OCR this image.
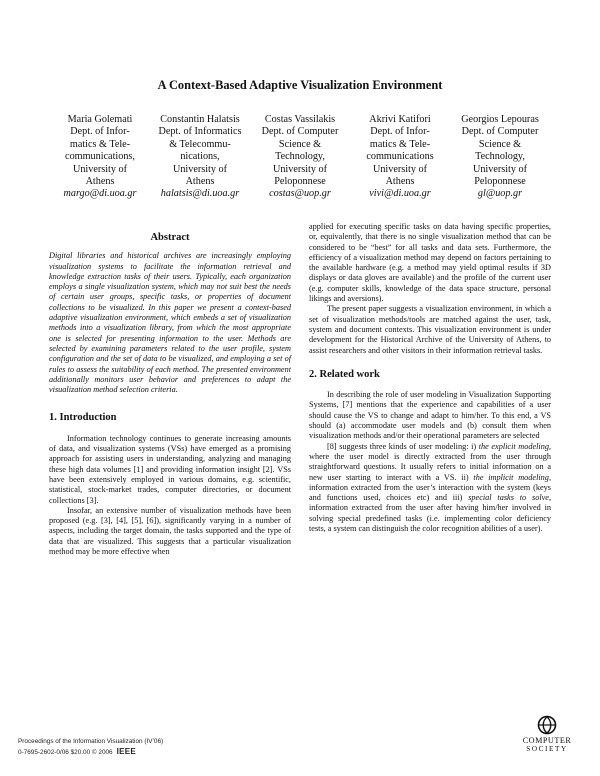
A Context-Based Adaptive Visualization Environment
Maria Golemati
Dept. of Infor-
matics & Tele-
communications,
University of
Athens
margo@di.uoa.gr
Constantin Halatsis
Dept. of Informatics
& Telecommu-
nications,
University of
Athens
halatsis@di.uoa.gr
Costas Vassilakis
Dept. of Computer
Science &
Technology,
University of
Peloponnese
costas@uop.gr
Akrivi Katifori
Dept. of Infor-
matics & Tele-
communications
University of
Athens
vivi@di.uoa.gr
Georgios Lepouras
Dept. of Computer
Science &
Technology,
University of
Peloponnese
gl@uop.gr
Abstract

Digital libraries and historical archives are increasingly employing visualization systems to facilitate the information retrieval and knowledge extraction tasks of their users. Typically, each organization employs a single visualization system, which may not suit best the needs of certain user groups, specific tasks, or properties of document collections to be visualized. In this paper we present a context-based adaptive visualization environment, which embeds a set of visualization methods into a visualization library, from which the most appropriate one is selected for presenting information to the user. Methods are selected by examining parameters related to the user profile, system configuration and the set of data to be visualized, and employing a set of rules to assess the suitability of each method. The presented environment additionally monitors user behavior and preferences to adapt the visualization method selection criteria.

1. Introduction

Information technology continues to generate increasing amounts of data, and visualization systems (VSs) have emerged as a promising approach for assisting users in understanding, analyzing and managing these high data volumes [1] and providing information insight [2]. VSs have been extensively employed in various domains, e.g. scientific, statistical, stock-market trades, computer directories, or document collections [3].

Insofar, an extensive number of visualization methods have been proposed (e.g. [3], [4], [5], [6]), significantly varying in a number of aspects, including the target domain, the tasks supported and the type of data that are visualized. This suggests that a particular visualization method may be more effective when

applied for executing specific tasks on data having specific properties, or, equivalently, that there is no single visualization method that can be considered to be “best” for all tasks and data sets. Furthermore, the efficiency of a visualization method may depend on factors pertaining to the available hardware (e.g. a method may yield optimal results if 3D displays or data gloves are available) and the profile of the current user (e.g. computer skills, knowledge of the data space structure, personal likings and aversions).

The present paper suggests a visualization environment, in which a set of visualization methods/tools are matched against the user, task, system and document contexts. This visualization environment is under development for the Historical Archive of the University of Athens, to assist researchers and other visitors in their information retrieval tasks.

2. Related work

In describing the role of user modeling in Visualization Supporting Systems, [7] mentions that the experience and capabilities of a user should cause the VS to change and adapt to him/her. To this end, a VS should (a) accommodate user models and (b) consult them when visualization methods and/or their operational parameters are selected

[8] suggests three kinds of user modeling: i) the explicit modeling, where the user model is directly extracted from the user through straightforward questions. It usually refers to initial information on a new user starting to interact with a VS. ii) the implicit modeling, information extracted from the user’s interaction with the system (keys and functions used, choices etc) and iii) special tasks to solve, information extracted from the user after having him/her involved in solving special predefined tasks (i.e. implementing color deficiency tests, a system can distinguish the color recognition abilities of a user).

Proceedings of the Information Visualization (IV’06)
0-7695-2602-0/06 $20.00 © 2006 IEEE
COMPUTER
SOCIETY
